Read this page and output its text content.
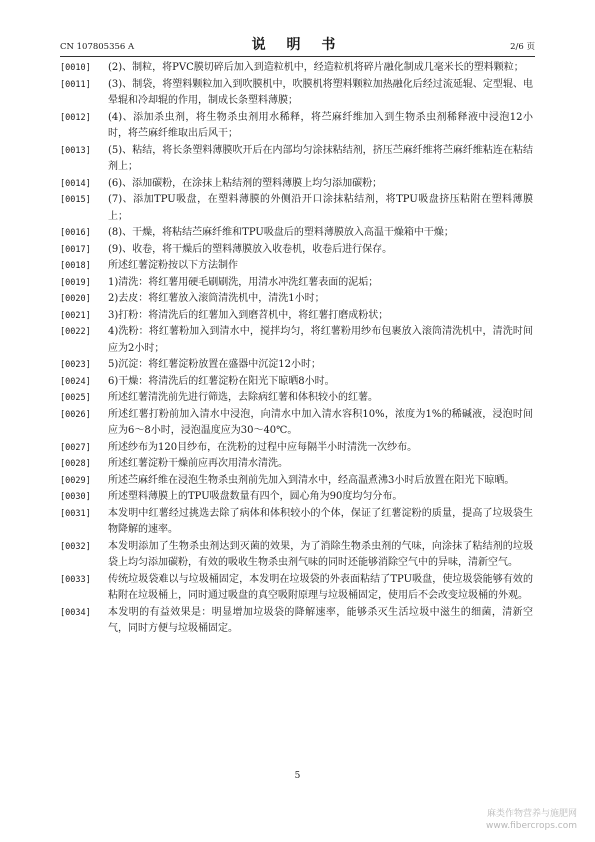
CN 107805356 A	说 明 书	2/6 页
[0010]	(2)、制粒，将PVC膜切碎后加入到造粒机中，经造粒机将碎片融化制成几毫米长的塑料颗粒；
[0011]	(3)、制袋，将塑料颗粒加入到吹膜机中，吹膜机将塑料颗粒加热融化后经过流延辊、定型辊、电晕辊和冷却辊的作用，制成长条塑料薄膜；
[0012]	(4)、添加杀虫剂，将生物杀虫剂用水稀释，将苎麻纤维加入到生物杀虫剂稀释液中浸泡12小时，将苎麻纤维取出后风干；
[0013]	(5)、粘结，将长条塑料薄膜吹开后在内部均匀涂抹粘结剂，挤压苎麻纤维将苎麻纤维粘连在粘结剂上；
[0014]	(6)、添加碳粉，在涂抹上粘结剂的塑料薄膜上均匀添加碳粉；
[0015]	(7)、添加TPU吸盘，在塑料薄膜的外侧沿开口涂抹粘结剂，将TPU吸盘挤压粘附在塑料薄膜上；
[0016]	(8)、干燥，将粘结苎麻纤维和TPU吸盘后的塑料薄膜放入高温干燥箱中干燥；
[0017]	(9)、收卷，将干燥后的塑料薄膜放入收卷机，收卷后进行保存。
[0018]	所述红薯淀粉按以下方法制作
[0019]	1)清洗：将红薯用硬毛刷刷洗，用清水冲洗红薯表面的泥垢；
[0020]	2)去皮：将红薯放入滚筒清洗机中，清洗1小时；
[0021]	3)打粉：将清洗后的红薯加入到磨苕机中，将红薯打磨成粉状；
[0022]	4)洗粉：将红薯粉加入到清水中，搅拌均匀，将红薯粉用纱布包裹放入滚筒清洗机中，清洗时间应为2小时；
[0023]	5)沉淀：将红薯淀粉放置在盛器中沉淀12小时；
[0024]	6)干燥：将清洗后的红薯淀粉在阳光下晾晒8小时。
[0025]	所述红薯清洗前先进行筛选，去除病红薯和体积较小的红薯。
[0026]	所述红薯打粉前加入清水中浸泡，向清水中加入清水容积10%，浓度为1%的稀碱液，浸泡时间应为6～8小时，浸泡温度应为30～40℃。
[0027]	所述纱布为120目纱布，在洗粉的过程中应每隔半小时清洗一次纱布。
[0028]	所述红薯淀粉干燥前应再次用清水清洗。
[0029]	所述苎麻纤维在浸泡生物杀虫剂前先加入到清水中，经高温煮沸3小时后放置在阳光下晾晒。
[0030]	所述塑料薄膜上的TPU吸盘数量有四个，圆心角为90度均匀分布。
[0031]	本发明中红薯经过挑选去除了病体和体积较小的个体，保证了红薯淀粉的质量，提高了垃圾袋生物降解的速率。
[0032]	本发明添加了生物杀虫剂达到灭菌的效果，为了消除生物杀虫剂的气味，向涂抹了粘结剂的垃圾袋上均匀添加碳粉，有效的吸收生物杀虫剂气味的同时还能够消除空气中的异味，清新空气。
[0033]	传统垃圾袋难以与垃圾桶固定，本发明在垃圾袋的外表面粘结了TPU吸盘，使垃圾袋能够有效的粘附在垃圾桶上，同时通过吸盘的真空吸附原理与垃圾桶固定，使用后不会改变垃圾桶的外观。
[0034]	本发明的有益效果是：明显增加垃圾袋的降解速率，能够杀灭生活垃圾中滋生的细菌，清新空气，同时方便与垃圾桶固定。
5
麻类作物营养与施肥网
www.fibercrops.com
